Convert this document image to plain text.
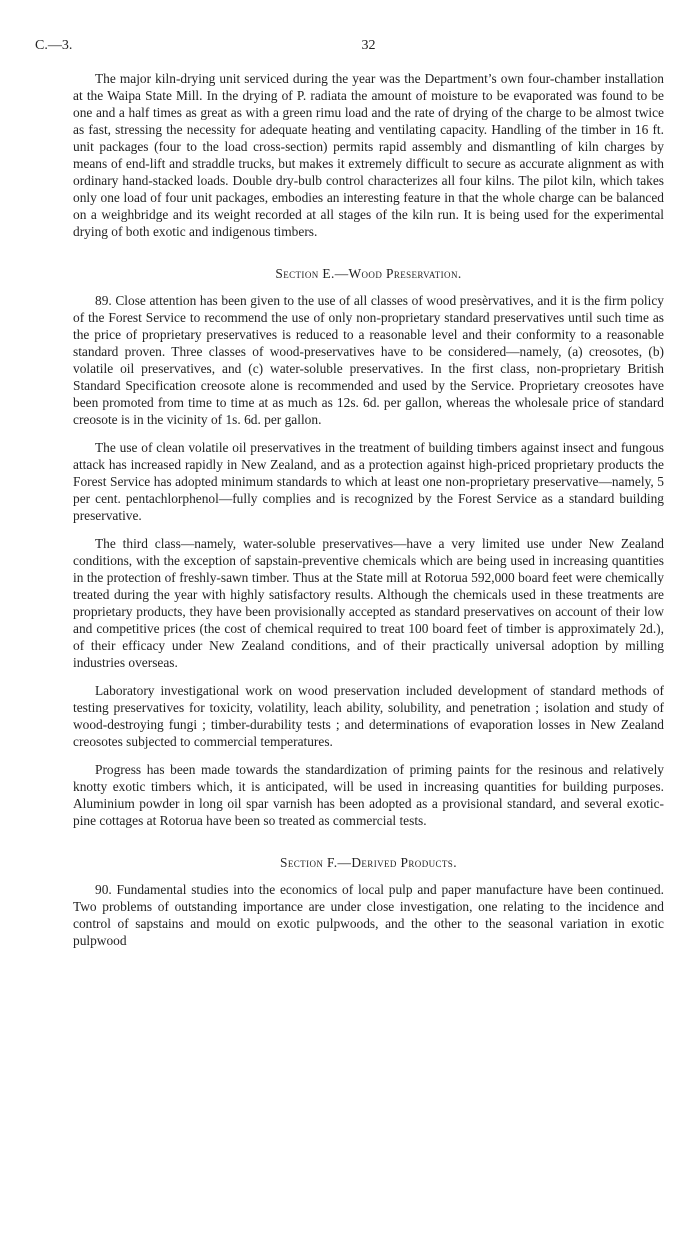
C.—3.	32

The major kiln-drying unit serviced during the year was the Department’s own four-chamber installation at the Waipa State Mill. In the drying of P. radiata the amount of moisture to be evaporated was found to be one and a half times as great as with a green rimu load and the rate of drying of the charge to be almost twice as fast, stressing the necessity for adequate heating and ventilating capacity. Handling of the timber in 16 ft. unit packages (four to the load cross-section) permits rapid assembly and dismantling of kiln charges by means of end-lift and straddle trucks, but makes it extremely difficult to secure as accurate alignment as with ordinary hand-stacked loads. Double dry-bulb control characterizes all four kilns. The pilot kiln, which takes only one load of four unit packages, embodies an interesting feature in that the whole charge can be balanced on a weighbridge and its weight recorded at all stages of the kiln run. It is being used for the experimental drying of both exotic and indigenous timbers.

Section E.—Wood Preservation.

89. Close attention has been given to the use of all classes of wood presèrvatives, and it is the firm policy of the Forest Service to recommend the use of only non-proprietary standard preservatives until such time as the price of proprietary preservatives is reduced to a reasonable level and their conformity to a reasonable standard proven. Three classes of wood-preservatives have to be considered—namely, (a) creosotes, (b) volatile oil preservatives, and (c) water-soluble preservatives. In the first class, non-proprietary British Standard Specification creosote alone is recommended and used by the Service. Proprietary creosotes have been promoted from time to time at as much as 12s. 6d. per gallon, whereas the wholesale price of standard creosote is in the vicinity of 1s. 6d. per gallon.

The use of clean volatile oil preservatives in the treatment of building timbers against insect and fungous attack has increased rapidly in New Zealand, and as a protection against high-priced proprietary products the Forest Service has adopted minimum standards to which at least one non-proprietary preservative—namely, 5 per cent. pentachlorphenol—fully complies and is recognized by the Forest Service as a standard building preservative.

The third class—namely, water-soluble preservatives—have a very limited use under New Zealand conditions, with the exception of sapstain-preventive chemicals which are being used in increasing quantities in the protection of freshly-sawn timber. Thus at the State mill at Rotorua 592,000 board feet were chemically treated during the year with highly satisfactory results. Although the chemicals used in these treatments are proprietary products, they have been provisionally accepted as standard preservatives on account of their low and competitive prices (the cost of chemical required to treat 100 board feet of timber is approximately 2d.), of their efficacy under New Zealand conditions, and of their practically universal adoption by milling industries overseas.

Laboratory investigational work on wood preservation included development of standard methods of testing preservatives for toxicity, volatility, leach ability, solubility, and penetration ; isolation and study of wood-destroying fungi ; timber-durability tests ; and determinations of evaporation losses in New Zealand creosotes subjected to commercial temperatures.

Progress has been made towards the standardization of priming paints for the resinous and relatively knotty exotic timbers which, it is anticipated, will be used in increasing quantities for building purposes. Aluminium powder in long oil spar varnish has been adopted as a provisional standard, and several exotic-pine cottages at Rotorua have been so treated as commercial tests.

Section F.—Derived Products.

90. Fundamental studies into the economics of local pulp and paper manufacture have been continued. Two problems of outstanding importance are under close investigation, one relating to the incidence and control of sapstains and mould on exotic pulpwoods, and the other to the seasonal variation in exotic pulpwood
